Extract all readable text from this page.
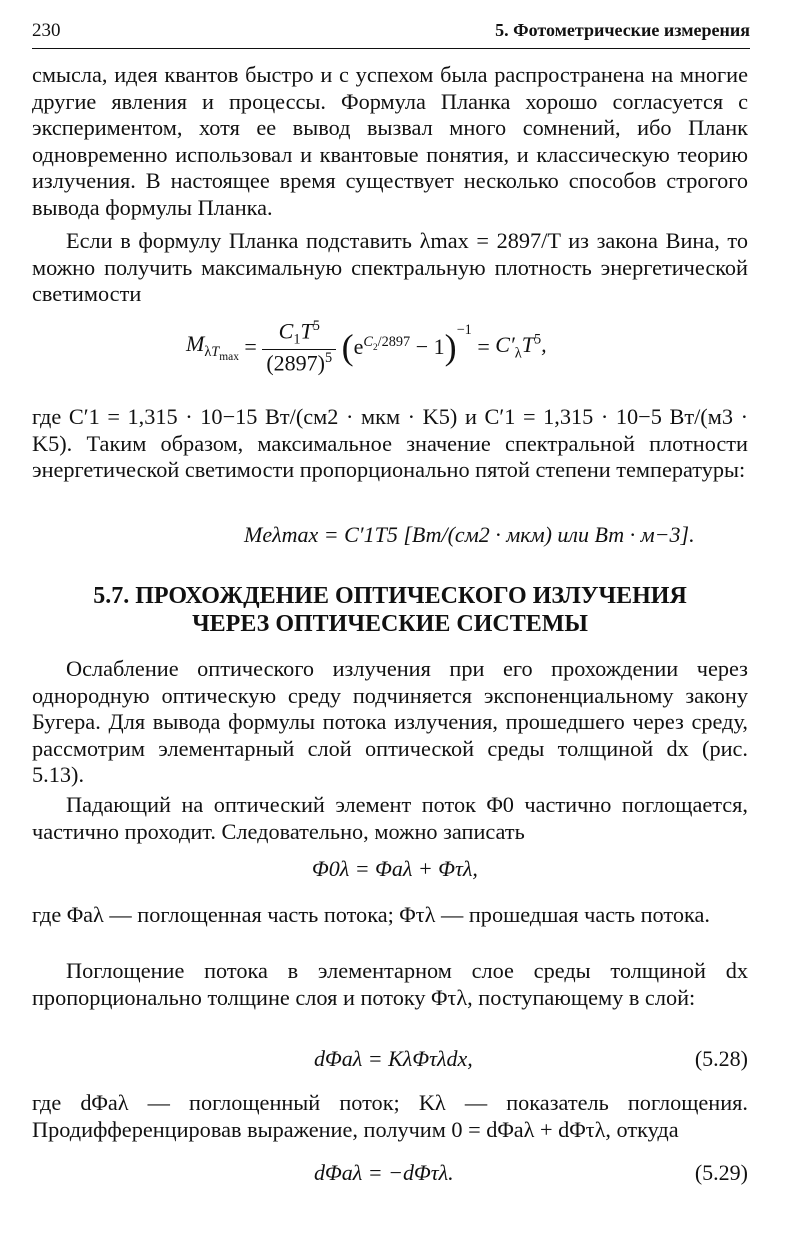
230	5. Фотометрические измерения

смысла, идея квантов быстро и с успехом была распространена на многие другие явления и процессы. Формула Планка хорошо согласуется с экспериментом, хотя ее вывод вызвал много сомнений, ибо Планк одновременно использовал и квантовые понятия, и классическую теорию излучения. В настоящее время существует несколько способов строгого вывода формулы Планка.

Если в формулу Планка подставить λmax = 2897/T из закона Вина, то можно получить максимальную спектральную плотность энергетической светимости

$M_{\lambda T_{max}} = \frac{C_1T^5}{(2897)^5} (e^{C_2/2897} - 1)^{-1} = C'_\lambda T^5$,

где C′1 = 1,315 · 10−15 Вт/(см2 · мкм · K5) и C′1 = 1,315 · 10−5 Вт/(м3 · K5). Таким образом, максимальное значение спектральной плотности энергетической светимости пропорционально пятой степени температуры:

Meλmax = C′1T5 [Вт/(см2 · мкм) или Вт · м−3].
5.7. ПРОХОЖДЕНИЕ ОПТИЧЕСКОГО ИЗЛУЧЕНИЯ
ЧЕРЕЗ ОПТИЧЕСКИЕ СИСТЕМЫ

Ослабление оптического излучения при его прохождении через однородную оптическую среду подчиняется экспоненциальному закону Бугера. Для вывода формулы потока излучения, прошедшего через среду, рассмотрим элементарный слой оптической среды толщиной dx (рис. 5.13).

Падающий на оптический элемент поток Φ0 частично поглощается, частично проходит. Следовательно, можно записать

Φ0λ = Φaλ + Φτλ,

где Φaλ — поглощенная часть потока; Φτλ — прошедшая часть потока.

Поглощение потока в элементарном слое среды толщиной dx пропорционально толщине слоя и потоку Φτλ, поступающему в слой:

dΦaλ = KλΦτλdx,	(5.28)

где dΦaλ — поглощенный поток; Kλ — показатель поглощения. Продифференцировав выражение, получим 0 = dΦaλ + dΦτλ, откуда

dΦaλ = −dΦτλ.	(5.29)
